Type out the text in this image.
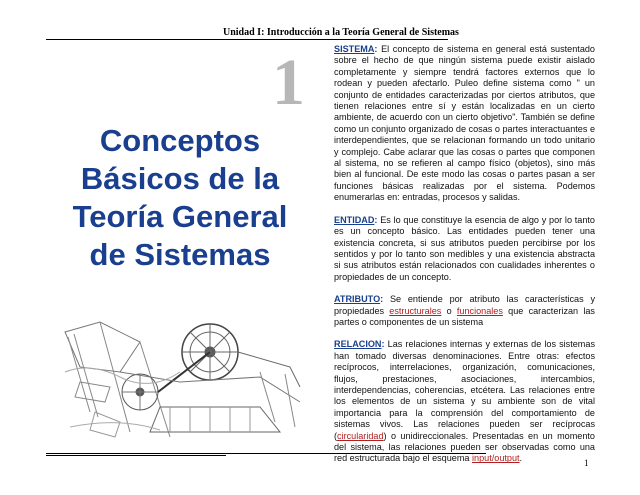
Unidad I: Introducción a la Teoría General de Sistemas
1
Conceptos
Básicos de la
Teoría General
de Sistemas

SISTEMA: El concepto de sistema en general está sustentado sobre el hecho de que ningún sistema puede existir aislado completamente y siempre tendrá factores externos que lo rodean y pueden afectarlo. Puleo define sistema como " un conjunto de entidades caracterizadas por ciertos atributos, que tienen relaciones entre sí y están localizadas en un cierto ambiente, de acuerdo con un cierto objetivo". También se define como un conjunto organizado de cosas o partes interactuantes e interdependientes, que se relacionan formando un todo unitario y complejo. Cabe aclarar que las cosas o partes que componen al sistema, no se refieren al campo físico (objetos), sino más bien al funcional. De este modo las cosas o partes pasan a ser funciones básicas realizadas por el sistema. Podemos enumerarlas en: entradas, procesos y salidas.

ENTIDAD: Es lo que constituye la esencia de algo y por lo tanto es un concepto básico. Las entidades pueden tener una existencia concreta, si sus atributos pueden percibirse por los sentidos y por lo tanto son medibles y una existencia abstracta si sus atributos están relacionados con cualidades inherentes o propiedades de un concepto.

ATRIBUTO: Se entiende por atributo las características y propiedades estructurales o funcionales que caracterizan las partes o componentes de un sistema

RELACION: Las relaciones internas y externas de los sistemas han tomado diversas denominaciones. Entre otras: efectos recíprocos, interrelaciones, organización, comunicaciones, flujos, prestaciones, asociaciones, intercambios, interdependencias, coherencias, etcétera. Las relaciones entre los elementos de un sistema y su ambiente son de vital importancia para la comprensión del comportamiento de sistemas vivos. Las relaciones pueden ser recíprocas (circularidad) o unidireccionales. Presentadas en un momento del sistema, las relaciones pueden ser observadas como una red estructurada bajo el esquema input/output.	1
